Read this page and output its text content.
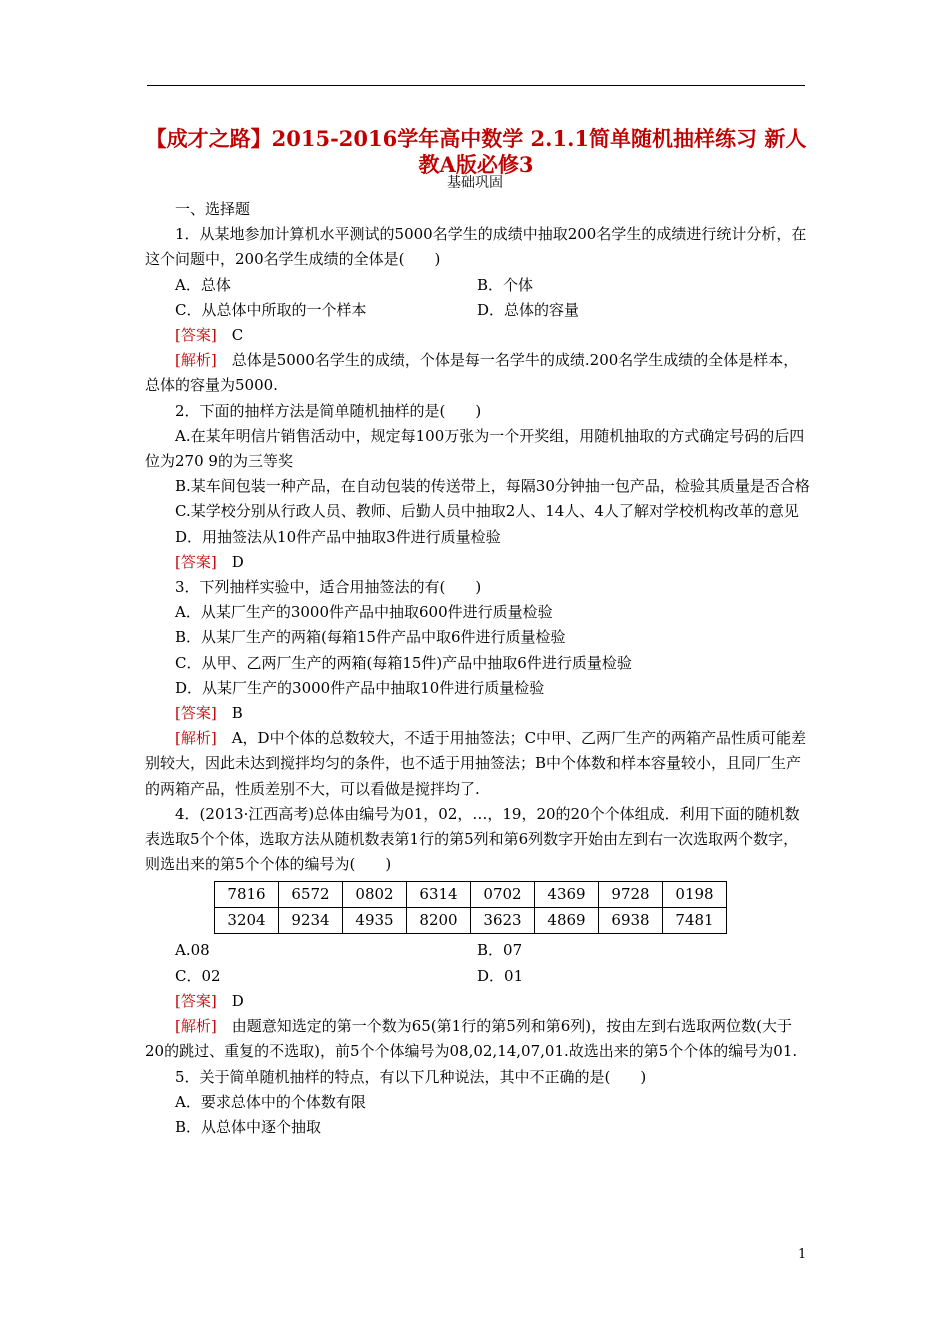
【成才之路】2015-2016学年高中数学 2.1.1简单随机抽样练习 新人
教A版必修3
基础巩固

一、选择题

1．从某地参加计算机水平测试的5000名学生的成绩中抽取200名学生的成绩进行统计分析，在这个问题中，200名学生成绩的全体是(　　)

A．总体	B．个体
C．从总体中所取的一个样本	D．总体的容量

[答案]　C

[解析]　总体是5000名学生的成绩，个体是每一名学牛的成绩.200名学生成绩的全体是样本，总体的容量为5000.

2．下面的抽样方法是简单随机抽样的是(　　)

A.在某年明信片销售活动中，规定每100万张为一个开奖组，用随机抽取的方式确定号码的后四位为270 9的为三等奖

B.某车间包装一种产品，在自动包装的传送带上，每隔30分钟抽一包产品，检验其质量是否合格

C.某学校分别从行政人员、教师、后勤人员中抽取2人、14人、4人了解对学校机构改革的意见

D．用抽签法从10件产品中抽取3件进行质量检验

[答案]　D

3．下列抽样实验中，适合用抽签法的有(　　)

A．从某厂生产的3000件产品中抽取600件进行质量检验

B．从某厂生产的两箱(每箱15件产品中取6件进行质量检验

C．从甲、乙两厂生产的两箱(每箱15件)产品中抽取6件进行质量检验

D．从某厂生产的3000件产品中抽取10件进行质量检验

[答案]　B

[解析]　A，D中个体的总数较大，不适于用抽签法；C中甲、乙两厂生产的两箱产品性质可能差别较大，因此未达到搅拌均匀的条件，也不适于用抽签法；B中个体数和样本容量较小，且同厂生产的两箱产品，性质差别不大，可以看做是搅拌均了.

4．(2013·江西高考)总体由编号为01，02，…，19，20的20个个体组成．利用下面的随机数表选取5个个体，选取方法从随机数表第1行的第5列和第6列数字开始由左到右一次选取两个数字，则选出来的第5个个体的编号为(　　)

7816	6572	0802	6314	0702	4369	9728	0198
3204	9234	4935	8200	3623	4869	6938	7481
A.08	B．07
C．02	D．01

[答案]　D

[解析]　由题意知选定的第一个数为65(第1行的第5列和第6列)，按由左到右选取两位数(大于20的跳过、重复的不选取)，前5个个体编号为08,02,14,07,01.故选出来的第5个个体的编号为01.

5．关于简单随机抽样的特点，有以下几种说法，其中不正确的是(　　)

A．要求总体中的个体数有限

B．从总体中逐个抽取

1
